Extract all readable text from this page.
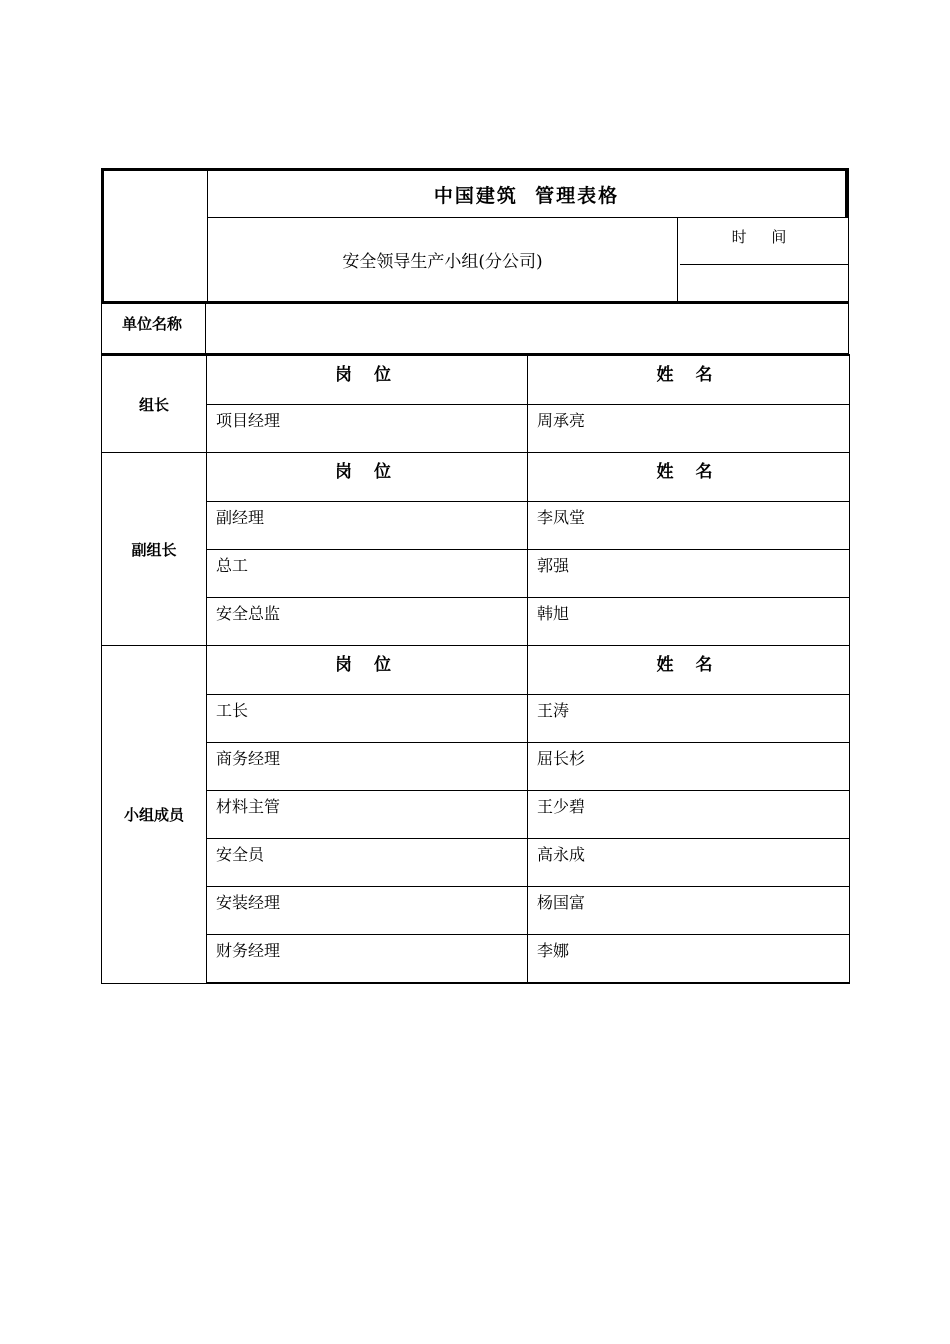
中国建筑  管理表格
安全领导生产小组(分公司)
时 间
单位名称
组长	岗 位	姓 名
	项目经理	周承亮
副组长	岗 位	姓 名
	副经理	李凤堂
	总工	郭强
	安全总监	韩旭
小组成员	岗 位	姓 名
	工长	王涛
	商务经理	屈长杉
	材料主管	王少碧
	安全员	高永成
	安装经理	杨国富
	财务经理	李娜
